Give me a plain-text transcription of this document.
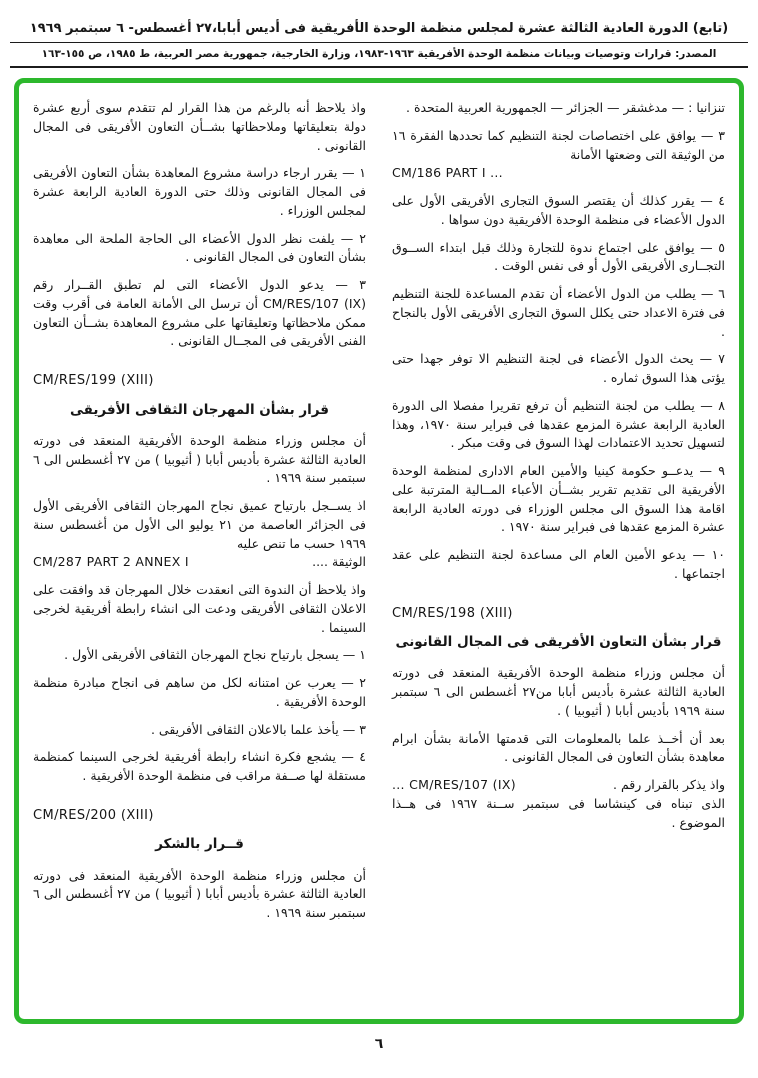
(تابع) الدورة العادية الثالثة عشرة لمجلس منظمة الوحدة الأفريقية فى أديس أبابا،٢٧ أغسطس- ٦ سبتمبر ١٩٦٩
المصدر: قرارات وتوصيات وبيانات منظمة الوحدة الأفريقية ١٩٦٣-١٩٨٣، وزارة الخارجية، جمهورية مصر العربية، ط ١٩٨٥، ص ١٥٥-١٦٣
تنزانيا : — مدغشقر — الجزائر — الجمهورية العربية المتحدة .
٣ — يوافق على اختصاصات لجنة التنظيم كما تحددها الفقرة ١٦ من الوثيقة التى وضعتها الأمانة
CM/186 PART I ...
٤ — يقرر كذلك أن يقتصر السوق التجارى الأفريقى الأول على الدول الأعضاء فى منظمة الوحدة الأفريقية دون سواها .
٥ — يوافق على اجتماع ندوة للتجارة وذلك قبل ابتداء الســوق التجــارى الأفريقى الأول أو فى نفس الوقت .
٦ — يطلب من الدول الأعضاء أن تقدم المساعدة للجنة التنظيم فى فترة الاعداد حتى يكلل السوق التجارى الأفريقى الأول بالنجاح .
٧ — يحث الدول الأعضاء فى لجنة التنظيم الا توفر جهدا حتى يؤتى هذا السوق ثماره .
٨ — يطلب من لجنة التنظيم أن ترفع تقريرا مفصلا الى الدورة العادية الرابعة عشرة المزمع عقدها فى فبراير سنة ١٩٧٠، وهذا لتسهيل تحديد الاعتمادات لهذا السوق فى وقت مبكر .
٩ — يدعــو حكومة كينيا والأمين العام الادارى لمنظمة الوحدة الأفريقية الى تقديم تقرير بشــأن الأعباء المــالية المترتبة على اقامة هذا السوق الى مجلس الوزراء فى دورته العادية الرابعة عشرة المزمع عقدها فى فبراير سنة ١٩٧٠ .
١٠ — يدعو الأمين العام الى مساعدة لجنة التنظيم على عقد اجتماعها .
CM/RES/198 (XIII)
قرار بشأن التعاون الأفريقى فى المجال القانونى
أن مجلس وزراء منظمة الوحدة الأفريقية المنعقد فى دورته العادية الثالثة عشرة بأديس أبابا من٢٧ أغسطس الى ٦ سبتمبر سنة ١٩٦٩ بأديس أبابا ( أثيوبيا ) .
بعد أن أخــذ علما بالمعلومات التى قدمتها الأمانة بشأن ابرام معاهدة بشأن التعاون فى المجال القانونى .
واذ يذكر بالقرار رقم .
... CM/RES/107 (IX)
الذى تبناه فى كينشاسا فى سبتمبر ســنة ١٩٦٧ فى هــذا الموضوع .
واذ يلاحظ أنه بالرغم من هذا القرار لم تتقدم سوى أربع عشرة دولة بتعليقاتها وملاحظاتها بشــأن التعاون الأفريقى فى المجال القانونى .
١ — يقرر ارجاء دراسة مشروع المعاهدة بشأن التعاون الأفريقى فى المجال القانونى وذلك حتى الدورة العادية الرابعة عشرة لمجلس الوزراء .
٢ — يلفت نظر الدول الأعضاء الى الحاجة الملحة الى معاهدة بشأن التعاون فى المجال القانونى .
٣ — يدعو الدول الأعضاء التى لم تطبق القــرار رقم CM/RES/107 (IX) أن ترسل الى الأمانة العامة فى أقرب وقت ممكن ملاحظاتها وتعليقاتها على مشروع المعاهدة بشــأن التعاون الفنى الأفريقى فى المجــال القانونى .
CM/RES/199 (XIII)
قرار بشأن المهرجان الثقافى الأفريقى
أن مجلس وزراء منظمة الوحدة الأفريقية المنعقد فى دورته العادية الثالثة عشرة بأديس أبابا ( أثيوبيا ) من ٢٧ أغسطس الى ٦ سبتمبر سنة ١٩٦٩ .
اذ يســجل بارتياح عميق نجاح المهرجان الثقافى الأفريقى الأول فى الجزائر العاصمة من ٢١ يوليو الى الأول من أغسطس سنة ١٩٦٩ حسب ما تنص عليه
الوثيقة ....
CM/287 PART 2 ANNEX I
واذ يلاحظ أن الندوة التى انعقدت خلال المهرجان قد وافقت على الاعلان الثقافى الأفريقى ودعت الى انشاء رابطة أفريقية لخرجى السينما .
١ — يسجل بارتياح نجاح المهرجان الثقافى الأفريقى الأول .
٢ — يعرب عن امتنانه لكل من ساهم فى انجاح مبادرة منظمة الوحدة الأفريقية .
٣ — يأخذ علما بالاعلان الثقافى الأفريقى .
٤ — يشجع فكرة انشاء رابطة أفريقية لخرجى السينما كمنظمة مستقلة لها صــفة مراقب فى منظمة الوحدة الأفريقية .
CM/RES/200 (XIII)
قــرار بالشكر
أن مجلس وزراء منظمة الوحدة الأفريقية المنعقد فى دورته العادية الثالثة عشرة بأديس أبابا ( أثيوبيا ) من ٢٧ أغسطس الى ٦ سبتمبر سنة ١٩٦٩ .
٦
